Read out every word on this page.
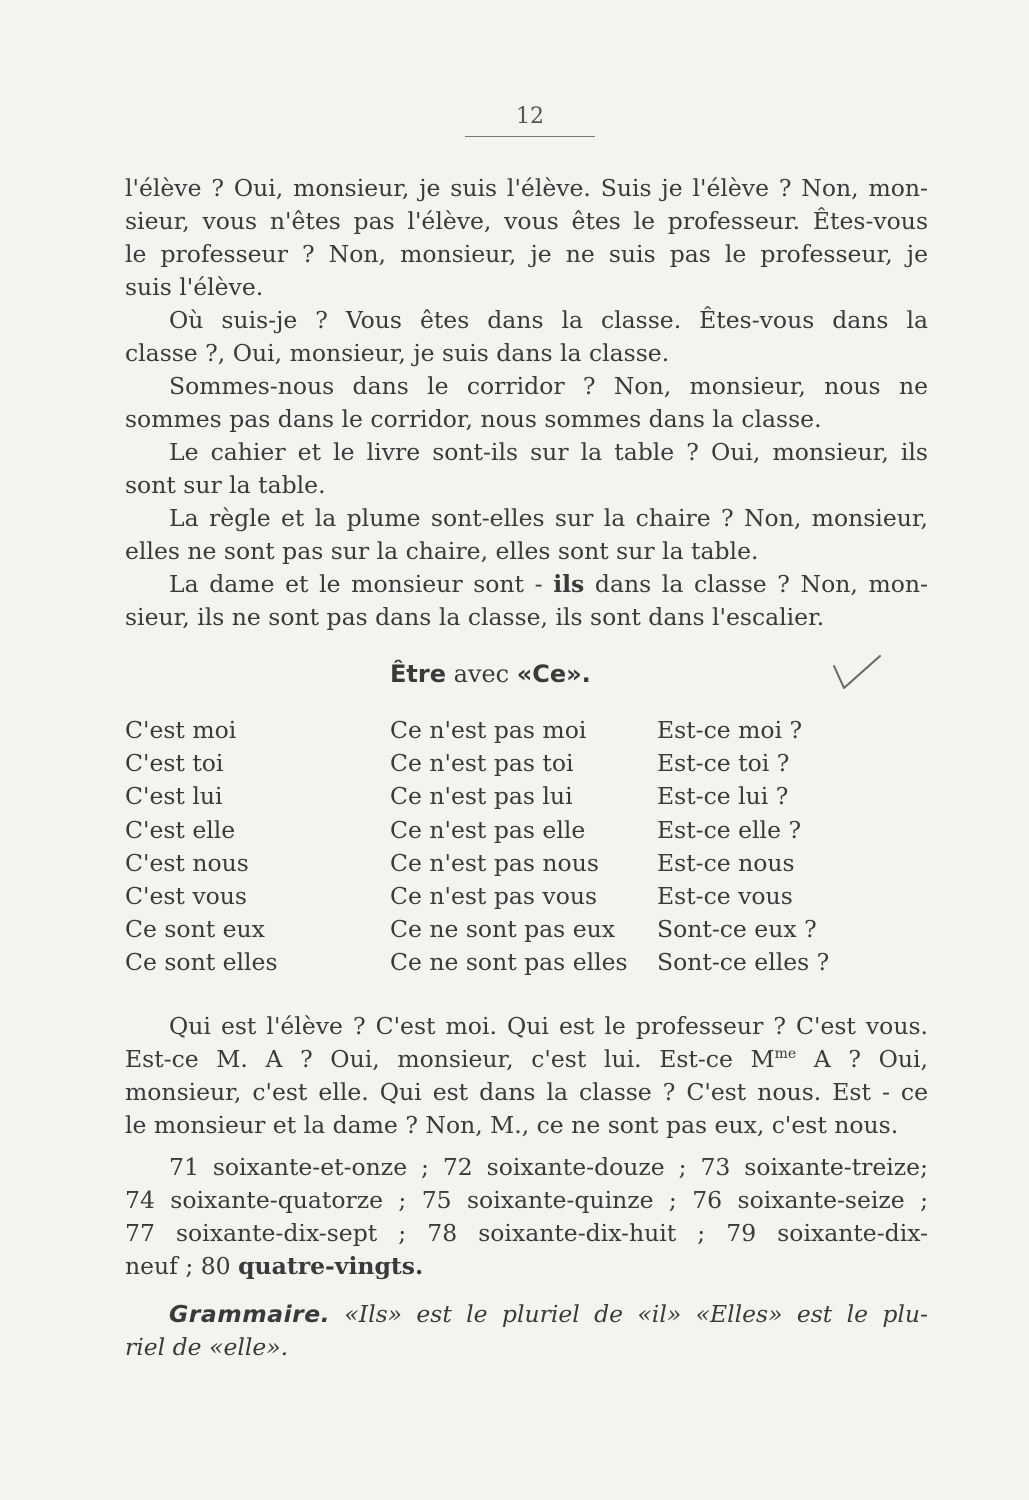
12

l'élève ? Oui, monsieur, je suis l'élève. Suis je l'élève ? Non, mon-
sieur, vous n'êtes pas l'élève, vous êtes le professeur. Êtes-vous
le professeur ? Non, monsieur, je ne suis pas le professeur, je
suis l'élève.

Où suis-je ? Vous êtes dans la classe. Êtes-vous dans la
classe ?, Oui, monsieur, je suis dans la classe.

Sommes-nous dans le corridor ? Non, monsieur, nous ne
sommes pas dans le corridor, nous sommes dans la classe.

Le cahier et le livre sont-ils sur la table ? Oui, monsieur, ils
sont sur la table.

La règle et la plume sont-elles sur la chaire ? Non, monsieur,
elles ne sont pas sur la chaire, elles sont sur la table.

La dame et le monsieur sont - ils dans la classe ? Non, mon-
sieur, ils ne sont pas dans la classe, ils sont dans l'escalier.

Être avec «Ce».
C'est moi
C'est toi
C'est lui
C'est elle
C'est nous
C'est vous
Ce sont eux
Ce sont elles
Ce n'est pas moi
Ce n'est pas toi
Ce n'est pas lui
Ce n'est pas elle
Ce n'est pas nous
Ce n'est pas vous
Ce ne sont pas eux
Ce ne sont pas elles
Est-ce moi ?
Est-ce toi ?
Est-ce lui ?
Est-ce elle ?
Est-ce nous
Est-ce vous
Sont-ce eux ?
Sont-ce elles ?

Qui est l'élève ? C'est moi. Qui est le professeur ? C'est vous.
Est-ce M. A ? Oui, monsieur, c'est lui. Est-ce $M^{me}$ A ? Oui,
monsieur, c'est elle. Qui est dans la classe ? C'est nous. Est - ce
le monsieur et la dame ? Non, M., ce ne sont pas eux, c'est nous.

71 soixante-et-onze ; 72 soixante-douze ; 73 soixante-treize;
74 soixante-quatorze ; 75 soixante-quinze ; 76 soixante-seize ;
77 soixante-dix-sept ; 78 soixante-dix-huit ; 79 soixante-dix-
neuf ; 80 quatre-vingts.

Grammaire. «Ils» est le pluriel de «il» «Elles» est le plu-
riel de «elle».
